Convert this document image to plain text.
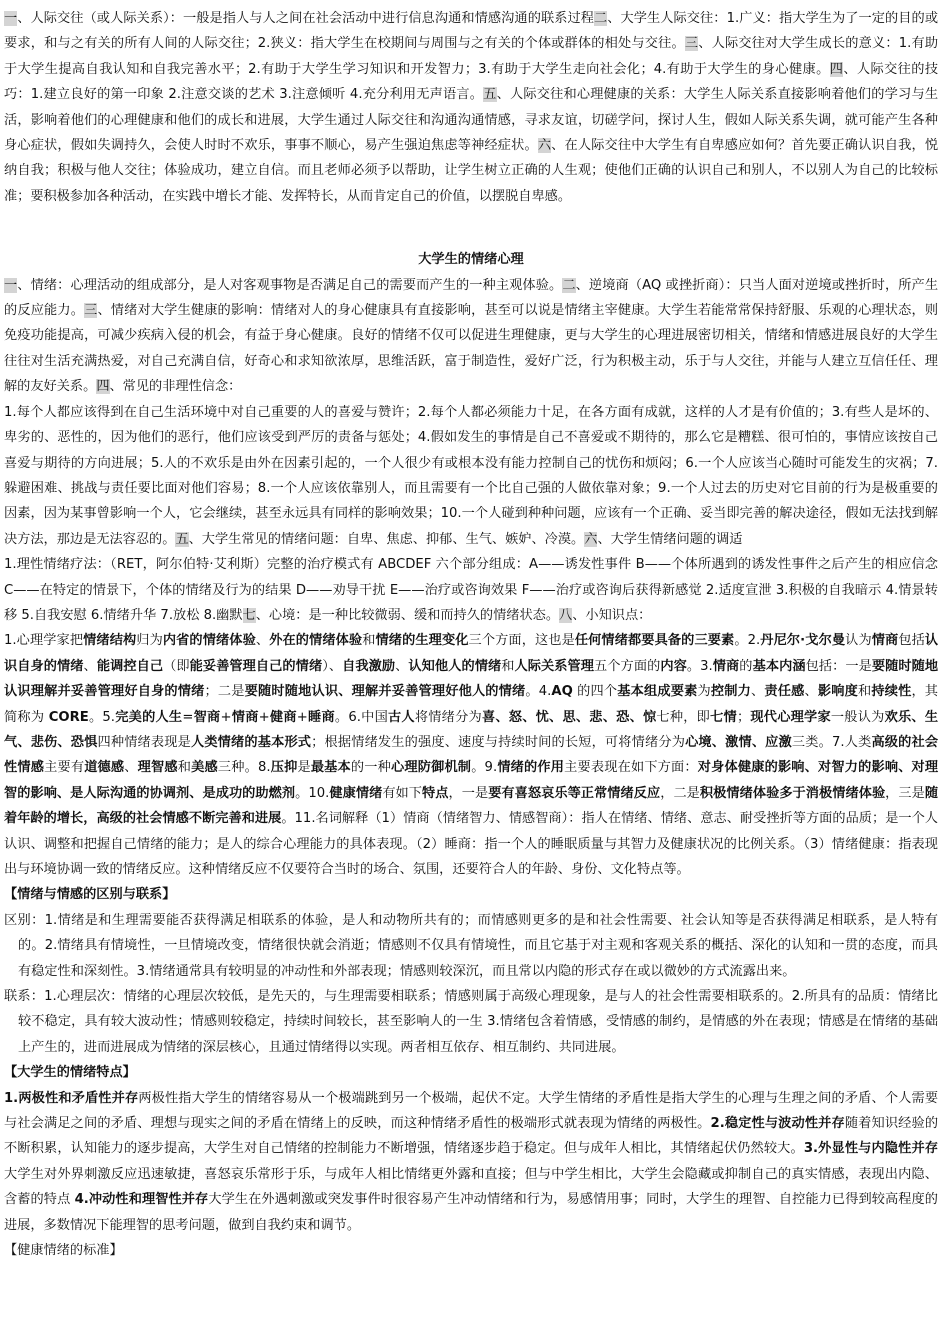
一、人际交往（或人际关系）：一般是指人与人之间在社会活动中进行信息沟通和情感沟通的联系过程二、大学生人际交往：1.广义：指大学生为了一定的目的或要求，和与之有关的所有人间的人际交往；2.狭义：指大学生在校期间与周围与之有关的个体或群体的相处与交往。三、人际交往对大学生成长的意义：1.有助于大学生提高自我认知和自我完善水平；2.有助于大学生学习知识和开发智力；3.有助于大学生走向社会化；4.有助于大学生的身心健康。四、人际交往的技巧：1.建立良好的第一印象 2.注意交谈的艺术 3.注意倾听 4.充分利用无声语言。五、人际交往和心理健康的关系：大学生人际关系直接影响着他们的学习与生活，影响着他们的心理健康和他们的成长和进展，大学生通过人际交往和沟通沟通情感，寻求友谊，切磋学问，探讨人生，假如人际关系失调，就可能产生各种身心症状，假如失调持久，会使人时时不欢乐，事事不顺心，易产生强迫焦虑等神经症状。六、在人际交往中大学生有自卑感应如何？首先要正确认识自我，悦纳自我；积极与他人交往；体验成功，建立自信。而且老师必须予以帮助，让学生树立正确的人生观；使他们正确的认识自己和别人，不以别人为自己的比较标准；要积极参加各种活动，在实践中增长才能、发挥特长，从而肯定自己的价值，以摆脱自卑感。

大学生的情绪心理

一、情绪：心理活动的组成部分，是人对客观事物是否满足自己的需要而产生的一种主观体验。二、逆境商（AQ 或挫折商）：只当人面对逆境或挫折时，所产生的反应能力。三、情绪对大学生健康的影响：情绪对人的身心健康具有直接影响，甚至可以说是情绪主宰健康。大学生若能常常保持舒服、乐观的心理状态，则免疫功能提高，可减少疾病入侵的机会，有益于身心健康。良好的情绪不仅可以促进生理健康，更与大学生的心理进展密切相关，情绪和情感进展良好的大学生往往对生活充满热爱，对自己充满自信，好奇心和求知欲浓厚，思维活跃，富于制造性，爱好广泛，行为积极主动，乐于与人交往，并能与人建立互信任任、理解的友好关系。四、常见的非理性信念：

1.每个人都应该得到在自己生活环境中对自己重要的人的喜爱与赞许；2.每个人都必须能力十足，在各方面有成就，这样的人才是有价值的；3.有些人是坏的、卑劣的、恶性的，因为他们的恶行，他们应该受到严厉的责备与惩处；4.假如发生的事情是自己不喜爱或不期待的，那么它是糟糕、很可怕的，事情应该按自己喜爱与期待的方向进展；5.人的不欢乐是由外在因素引起的，一个人很少有或根本没有能力控制自己的忧伤和烦闷；6.一个人应该当心随时可能发生的灾祸；7.躲避困难、挑战与责任要比面对他们容易；8.一个人应该依靠别人，而且需要有一个比自己强的人做依靠对象；9.一个人过去的历史对它目前的行为是极重要的因素，因为某事曾影响一个人，它会继续，甚至永远具有同样的影响效果；10.一个人碰到种种问题，应该有一个正确、妥当即完善的解决途径，假如无法找到解决方法，那边是无法容忍的。五、大学生常见的情绪问题：自卑、焦虑、抑郁、生气、嫉妒、冷漠。六、大学生情绪问题的调适

1.理性情绪疗法：（RET，阿尔伯特·艾利斯）完整的治疗模式有 ABCDEF 六个部分组成：A——诱发性事件 B——个体所遇到的诱发性事件之后产生的相应信念 C——在特定的情景下，个体的情绪及行为的结果 D——劝导干扰 E——治疗或咨询效果 F——治疗或咨询后获得新感觉 2.适度宣泄 3.积极的自我暗示 4.情景转移 5.自我安慰 6.情绪升华 7.放松 8.幽默七、心境：是一种比较微弱、缓和而持久的情绪状态。八、小知识点：

1.心理学家把情绪结构归为内省的情绪体验、外在的情绪体验和情绪的生理变化三个方面，这也是任何情绪都要具备的三要素。2.丹尼尔·戈尔曼认为情商包括认识自身的情绪、能调控自己（即能妥善管理自己的情绪）、自我激励、认知他人的情绪和人际关系管理五个方面的内容。3.情商的基本内涵包括：一是要随时随地认识理解并妥善管理好自身的情绪；二是要随时随地认识、理解并妥善管理好他人的情绪。4.AQ 的四个基本组成要素为控制力、责任感、影响度和持续性，其简称为 CORE。5.完美的人生=智商+情商+健商+睡商。6.中国古人将情绪分为喜、怒、忧、思、悲、恐、惊七种，即七情；现代心理学家一般认为欢乐、生气、悲伤、恐惧四种情绪表现是人类情绪的基本形式；根据情绪发生的强度、速度与持续时间的长短，可将情绪分为心境、激情、应激三类。7.人类高级的社会性情感主要有道德感、理智感和美感三种。8.压抑是最基本的一种心理防御机制。9.情绪的作用主要表现在如下方面：对身体健康的影响、对智力的影响、对理智的影响、是人际沟通的协调剂、是成功的助燃剂。10.健康情绪有如下特点，一是要有喜怒哀乐等正常情绪反应，二是积极情绪体验多于消极情绪体验，三是随着年龄的增长，高级的社会情感不断完善和进展。11.名词解释（1）情商（情绪智力、情感智商）：指人在情绪、情绪、意志、耐受挫折等方面的品质；是一个人认识、调整和把握自己情绪的能力；是人的综合心理能力的具体表现。（2）睡商：指一个人的睡眠质量与其智力及健康状况的比例关系。（3）情绪健康：指表现出与环境协调一致的情绪反应。这种情绪反应不仅要符合当时的场合、氛围，还要符合人的年龄、身份、文化特点等。

【情绪与情感的区别与联系】

区别：1.情绪是和生理需要能否获得满足相联系的体验，是人和动物所共有的；而情感则更多的是和社会性需要、社会认知等是否获得满足相联系，是人特有的。2.情绪具有情境性，一旦情境改变，情绪很快就会消逝；情感则不仅具有情境性，而且它基于对主观和客观关系的概括、深化的认知和一贯的态度，而具有稳定性和深刻性。3.情绪通常具有较明显的冲动性和外部表现；情感则较深沉，而且常以内隐的形式存在或以微妙的方式流露出来。

联系：1.心理层次：情绪的心理层次较低，是先天的，与生理需要相联系；情感则属于高级心理现象，是与人的社会性需要相联系的。2.所具有的品质：情绪比较不稳定，具有较大波动性；情感则较稳定，持续时间较长，甚至影响人的一生 3.情绪包含着情感，受情感的制约，是情感的外在表现；情感是在情绪的基础上产生的，进而进展成为情绪的深层核心，且通过情绪得以实现。两者相互依存、相互制约、共同进展。

【大学生的情绪特点】

1.两极性和矛盾性并存两极性指大学生的情绪容易从一个极端跳到另一个极端，起伏不定。大学生情绪的矛盾性是指大学生的心理与生理之间的矛盾、个人需要与社会满足之间的矛盾、理想与现实之间的矛盾在情绪上的反映，而这种情绪矛盾性的极端形式就表现为情绪的两极性。2.稳定性与波动性并存随着知识经验的不断积累，认知能力的逐步提高，大学生对自己情绪的控制能力不断增强，情绪逐步趋于稳定。但与成年人相比，其情绪起伏仍然较大。3.外显性与内隐性并存大学生对外界刺激反应迅速敏捷，喜怒哀乐常形于乐，与成年人相比情绪更外露和直接；但与中学生相比，大学生会隐藏或抑制自己的真实情感，表现出内隐、含蓄的特点 4.冲动性和理智性并存大学生在外遇刺激或突发事件时很容易产生冲动情绪和行为，易感情用事；同时，大学生的理智、自控能力已得到较高程度的进展，多数情况下能理智的思考问题，做到自我约束和调节。

【健康情绪的标准】
